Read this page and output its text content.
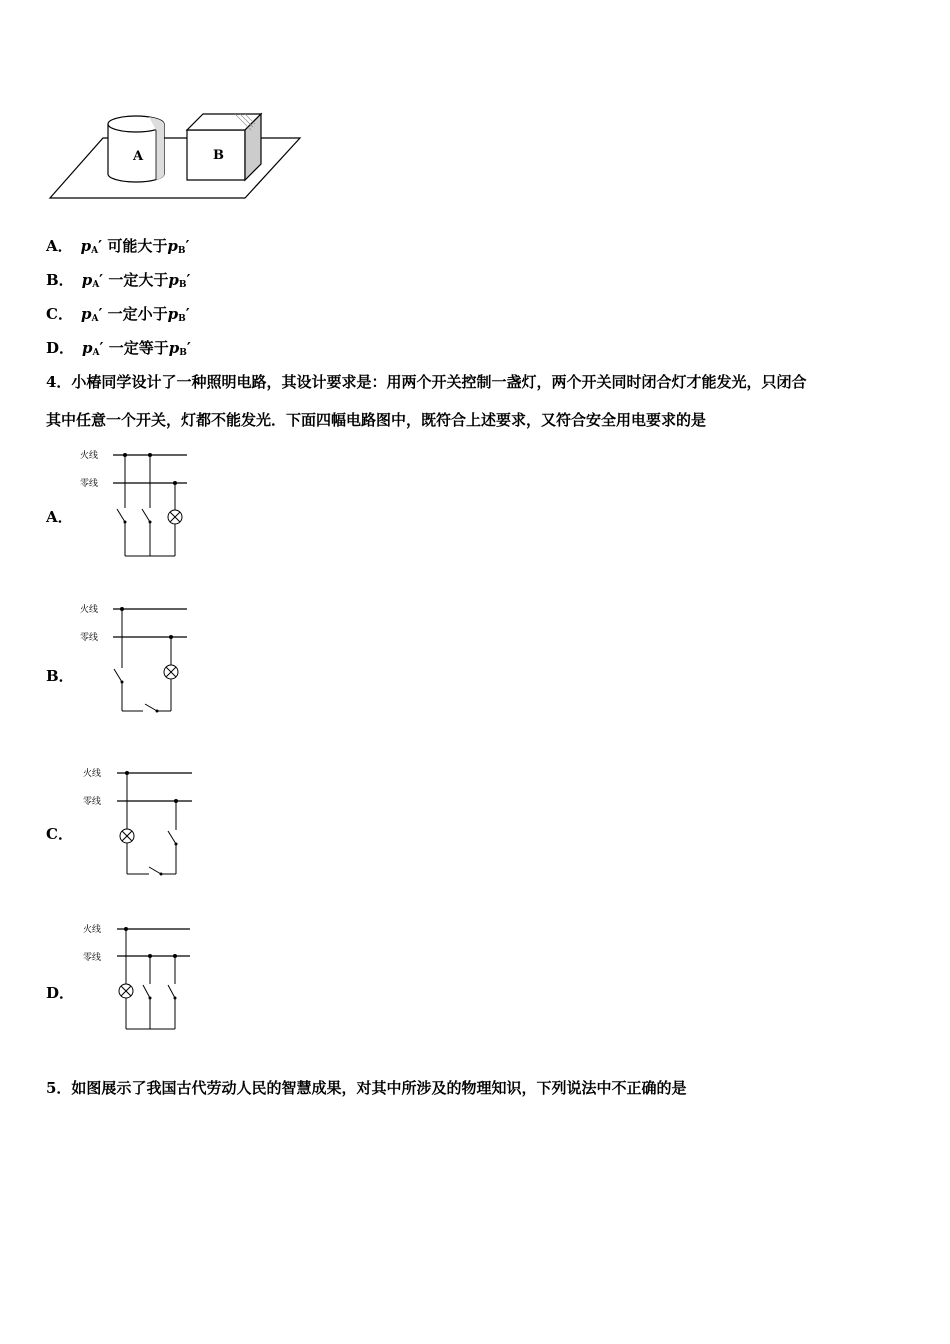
A	B
A． $p_A'$ 可能大于$p_B'$
B． $p_A'$ 一定大于$p_B'$
C． $p_A'$ 一定小于$p_B'$
D． $p_A'$ 一定等于$p_B'$
4．小椿同学设计了一种照明电路，其设计要求是：用两个开关控制一盏灯，两个开关同时闭合灯才能发光，只闭合
其中任意一个开关，灯都不能发光．下面四幅电路图中，既符合上述要求，又符合安全用电要求的是
A．
火线
零线
B．
火线
零线
C．
火线
零线
D．
火线
零线
5．如图展示了我国古代劳动人民的智慧成果，对其中所涉及的物理知识，下列说法中不正确的是
